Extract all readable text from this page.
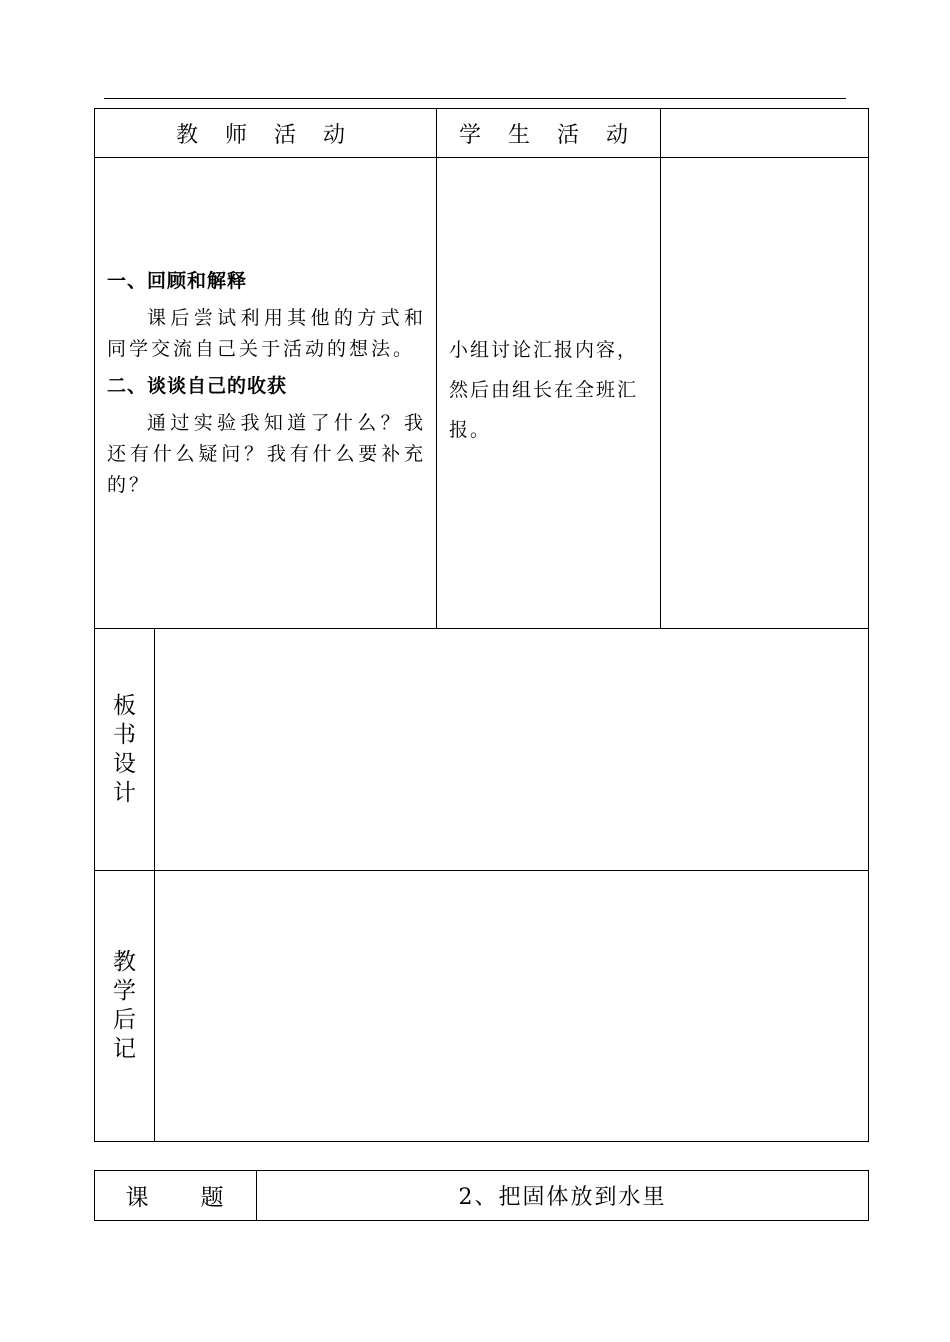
教 师 活 动		学 生 活 动	

一、回顾和解释
课后尝试利用其他的方式和同学交流自己关于活动的想法。
二、谈谈自己的收获
通过实验我知道了什么？我还有什么疑问？我有什么要补充的？		小组讨论汇报内容，然后由组长在全班汇报。	

板
书
设
计			

教
学
后
记			

课　　题	2、把固体放到水里
